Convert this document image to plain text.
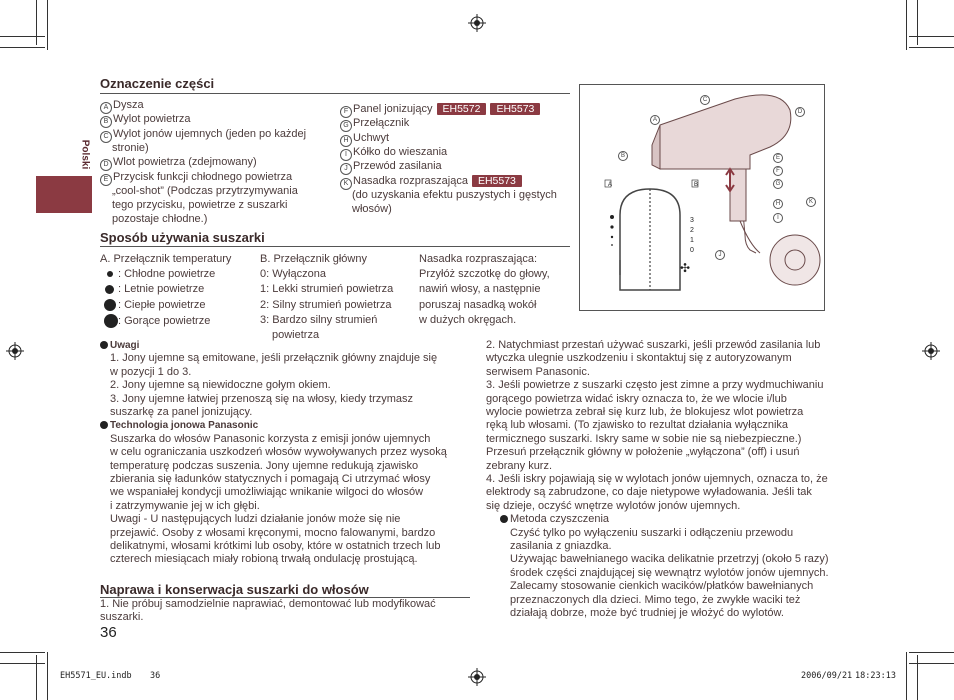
Polski
Oznaczenie części
A Dysza
B Wylot powietrza
C Wylot jonów ujemnych (jeden po każdej
stronie)
D Wlot powietrza (zdejmowany)
E Przycisk funkcji chłodnego powietrza
„cool-shot” (Podczas przytrzymywania
tego przycisku, powietrze z suszarki
pozostaje chłodne.)
F Panel jonizujący EH5572 EH5573
G Przełącznik
H Uchwyt
I Kółko do wieszania
J Przewód zasilania
K Nasadka rozpraszająca EH5573
(do uzyskania efektu puszystych i gęstych
włosów)
Sposób używania suszarki
A. Przełącznik temperatury
: Chłodne powietrze
: Letnie powietrze
: Ciepłe powietrze
: Gorące powietrze
B. Przełącznik główny
0: Wyłączona
1: Lekki strumień powietrza
2: Silny strumień powietrza
3: Bardzo silny strumień
powietrza
Nasadka rozpraszająca:
Przyłóż szczotkę do głowy,
nawiń włosy, a następnie
poruszaj nasadką wokół
w dużych okręgach.
A	B
3
2
1
0
✣
A
B
C
D
E
F
G
H
I
J
K
Uwagi
1. Jony ujemne są emitowane, jeśli przełącznik główny znajduje się
w pozycji 1 do 3.
2. Jony ujemne są niewidoczne gołym okiem.
3. Jony ujemne łatwiej przenoszą się na włosy, kiedy trzymasz
suszarkę za panel jonizujący.
Technologia jonowa Panasonic
Suszarka do włosów Panasonic korzysta z emisji jonów ujemnych
w celu ograniczania uszkodzeń włosów wywoływanych przez wysoką
temperaturę podczas suszenia. Jony ujemne redukują zjawisko
zbierania się ładunków statycznych i pomagają Ci utrzymać włosy
we wspaniałej kondycji umożliwiając wnikanie wilgoci do włosów
i zatrzymywanie jej w ich głębi.
Uwagi - U następujących ludzi działanie jonów może się nie
przejawić. Osoby z włosami kręconymi, mocno falowanymi, bardzo
delikatnymi, włosami krótkimi lub osoby, które w ostatnich trzech lub
czterech miesiącach miały robioną trwałą ondulację prostującą.
Naprawa i konserwacja suszarki do włosów
1. Nie próbuj samodzielnie naprawiać, demontować lub modyfikować
suszarki.
2. Natychmiast przestań używać suszarki, jeśli przewód zasilania lub
wtyczka ulegnie uszkodzeniu i skontaktuj się z autoryzowanym
serwisem Panasonic.
3. Jeśli powietrze z suszarki często jest zimne a przy wydmuchiwaniu
gorącego powietrza widać iskry oznacza to, że we wlocie i/lub
wylocie powietrza zebrał się kurz lub, że blokujesz wlot powietrza
ręką lub włosami. (To zjawisko to rezultat działania wyłącznika
termicznego suszarki. Iskry same w sobie nie są niebezpieczne.)
Przesuń przełącznik główny w położenie „wyłączona” (off) i usuń
zebrany kurz.
4. Jeśli iskry pojawiają się w wylotach jonów ujemnych, oznacza to, że
elektrody są zabrudzone, co daje nietypowe wyładowania. Jeśli tak
się dzieje, oczyść wnętrze wylotów jonów ujemnych.
Metoda czyszczenia
Czyść tylko po wyłączeniu suszarki i odłączeniu przewodu
zasilania z gniazdka.
Używając bawełnianego wacika delikatnie przetrzyj (około 5 razy)
środek części znajdującej się wewnątrz wylotów jonów ujemnych.
Zalecamy stosowanie cienkich wacików/płatków bawełnianych
przeznaczonych dla dzieci. Mimo tego, że zwykłe waciki też
działają dobrze, może być trudniej je włożyć do wylotów.
36
EH5571_EU.indb 36	2006/09/21 18:23:13
